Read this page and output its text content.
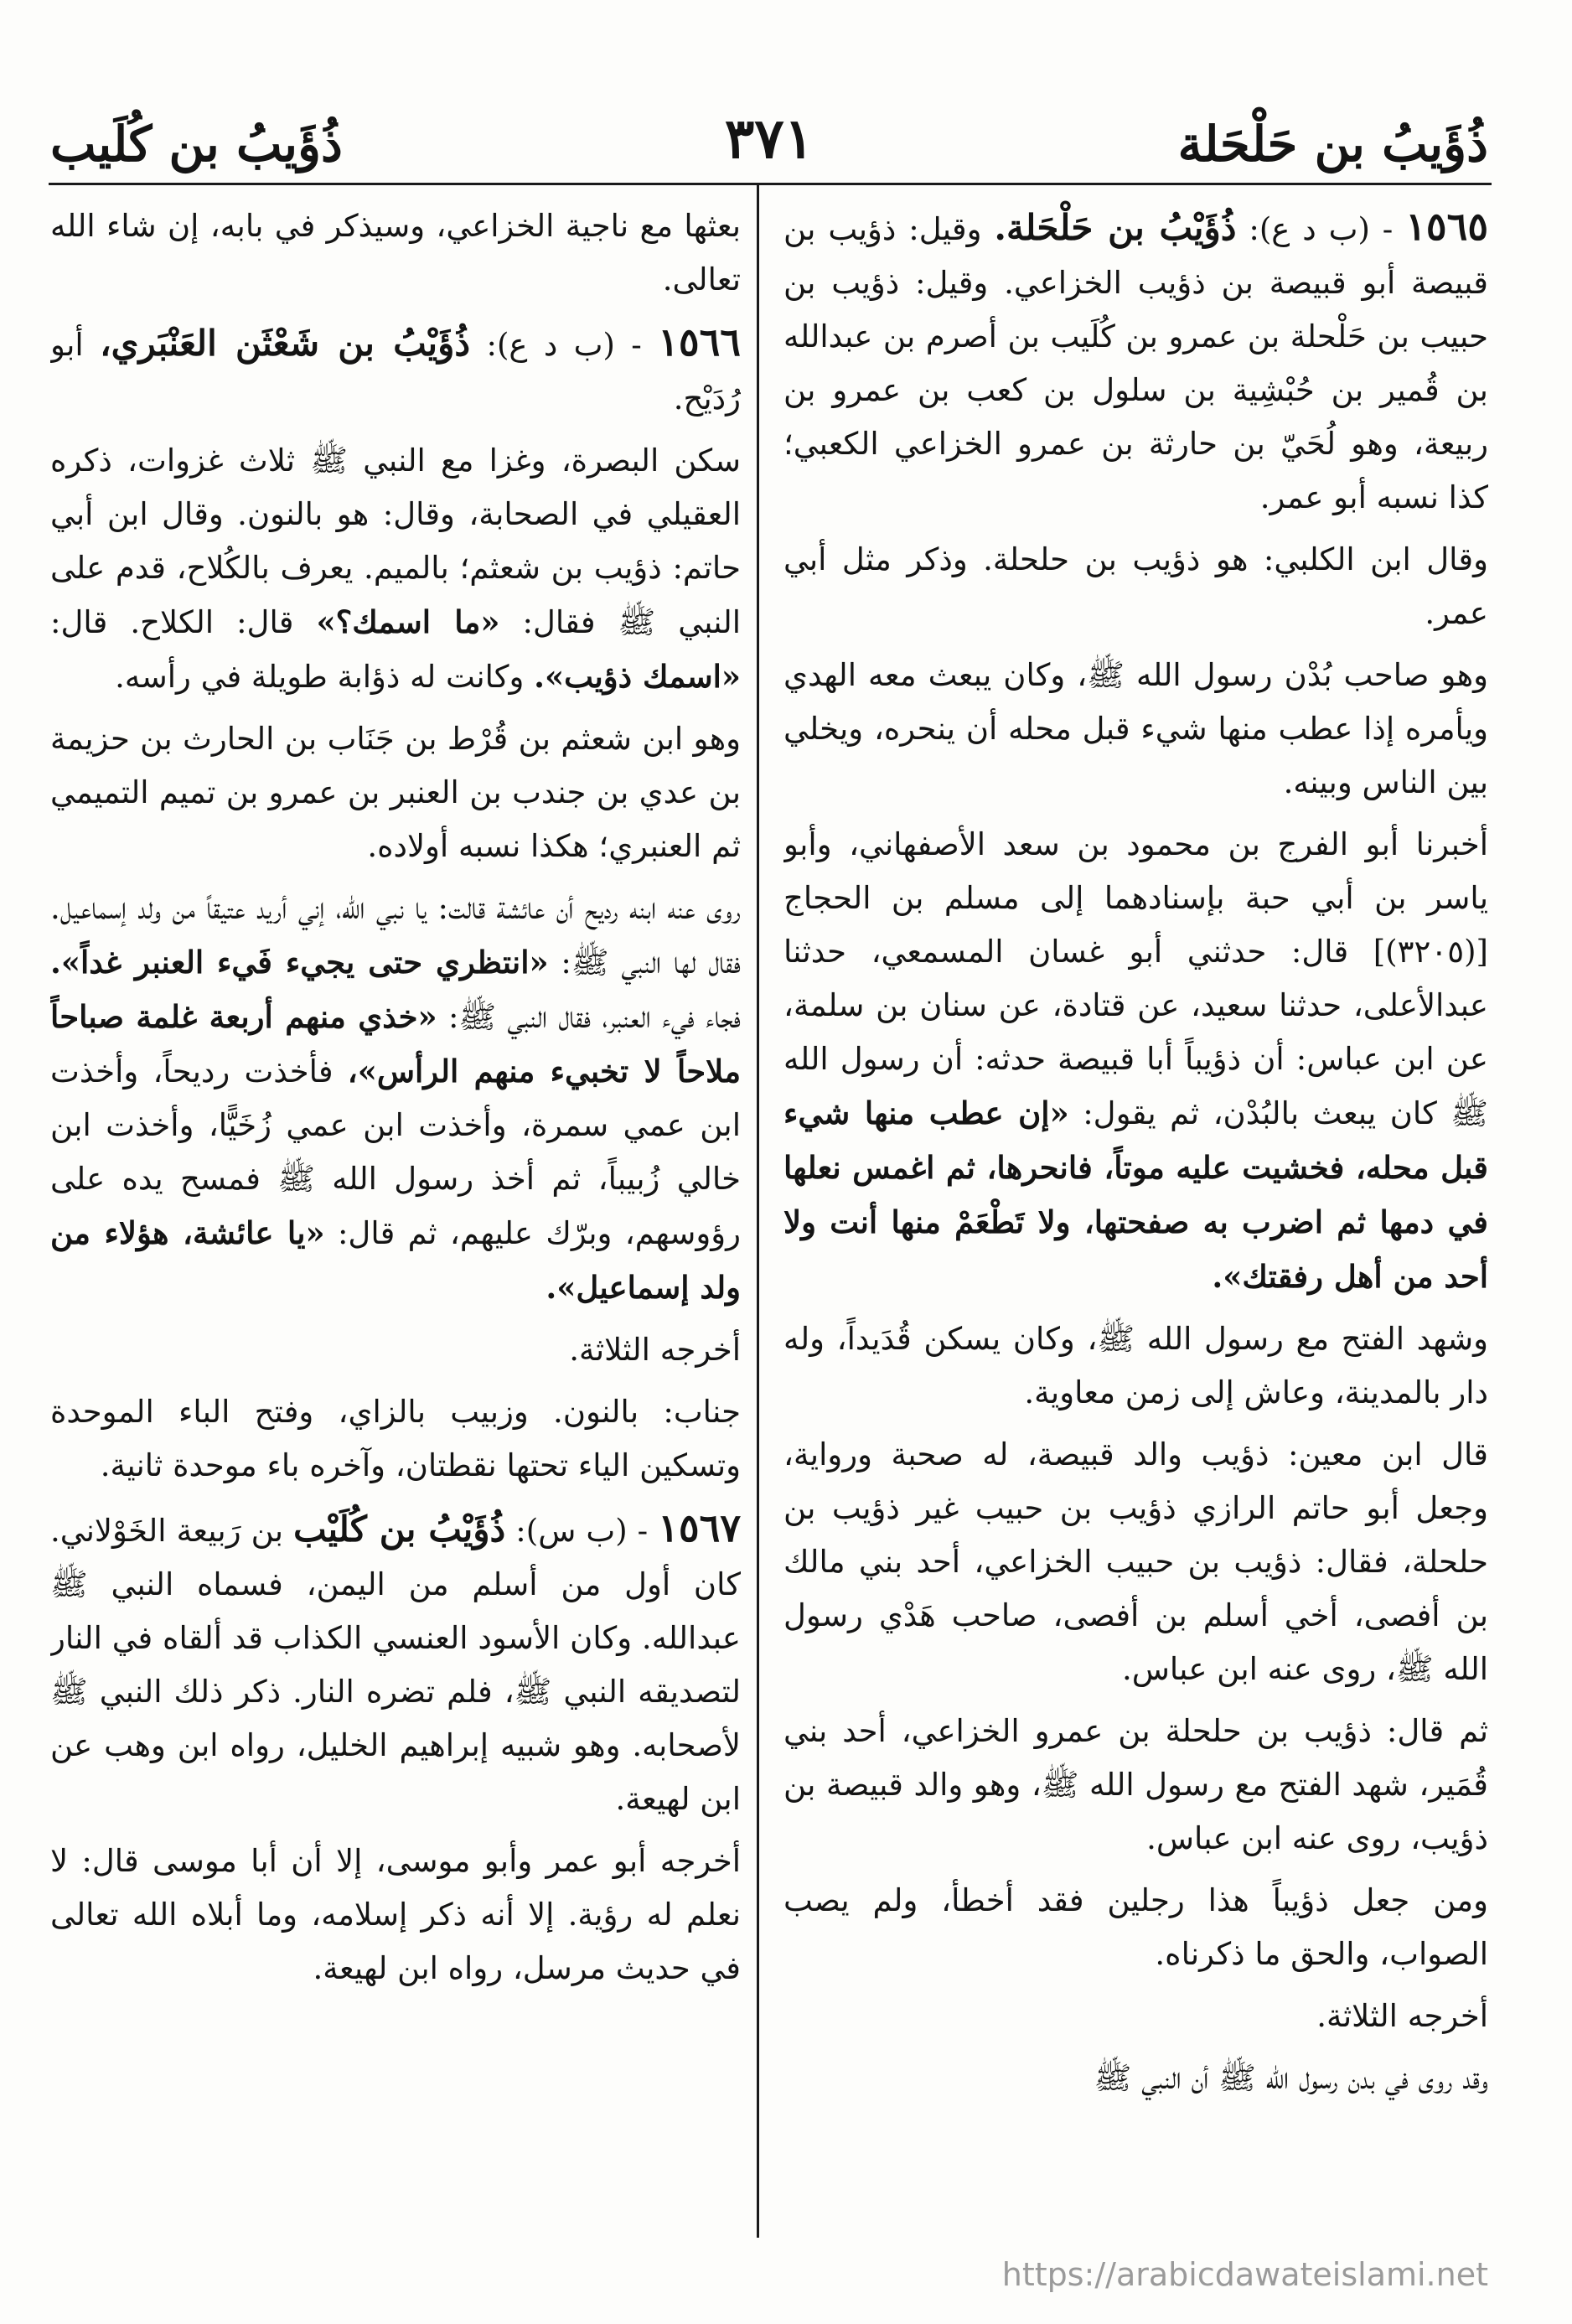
ذُؤَيبُ بن حَلْحَلة
٣٧١
ذُؤَيبُ بن كُلَيب

١٥٦٥ - (ب د ع): ذُؤَيْبُ بن حَلْحَلة. وقيل: ذؤيب بن قبيصة أبو قبيصة بن ذؤيب الخزاعي. وقيل: ذؤيب بن حبيب بن حَلْحلة بن عمرو بن كُلَيب بن أصرم بن عبدالله بن قُمير بن حُبْشِية بن سلول بن كعب بن عمرو بن ربيعة، وهو لُحَيّ بن حارثة بن عمرو الخزاعي الكعبي؛ كذا نسبه أبو عمر.

وقال ابن الكلبي: هو ذؤيب بن حلحلة. وذكر مثل أبي عمر.

وهو صاحب بُدْن رسول الله ﷺ، وكان يبعث معه الهدي ويأمره إذا عطب منها شيء قبل محله أن ينحره، ويخلي بين الناس وبينه.

أخبرنا أبو الفرج بن محمود بن سعد الأصفهاني، وأبو ياسر بن أبي حبة بإسنادهما إلى مسلم بن الحجاج [(٣٢٠٥)] قال: حدثني أبو غسان المسمعي، حدثنا عبدالأعلى، حدثنا سعيد، عن قتادة، عن سنان بن سلمة، عن ابن عباس: أن ذؤيباً أبا قبيصة حدثه: أن رسول الله ﷺ كان يبعث بالبُدْن، ثم يقول: «إن عطب منها شيء قبل محله، فخشيت عليه موتاً، فانحرها، ثم اغمس نعلها في دمها ثم اضرب به صفحتها، ولا تَطْعَمْ منها أنت ولا أحد من أهل رفقتك».

وشهد الفتح مع رسول الله ﷺ، وكان يسكن قُدَيداً، وله دار بالمدينة، وعاش إلى زمن معاوية.

قال ابن معين: ذؤيب والد قبيصة، له صحبة ورواية، وجعل أبو حاتم الرازي ذؤيب بن حبيب غير ذؤيب بن حلحلة، فقال: ذؤيب بن حبيب الخزاعي، أحد بني مالك بن أفصى، أخي أسلم بن أفصى، صاحب هَدْي رسول الله ﷺ، روى عنه ابن عباس.

ثم قال: ذؤيب بن حلحلة بن عمرو الخزاعي، أحد بني قُمَير، شهد الفتح مع رسول الله ﷺ، وهو والد قبيصة بن ذؤيب، روى عنه ابن عباس.

ومن جعل ذؤيباً هذا رجلين فقد أخطأ، ولم يصب الصواب، والحق ما ذكرناه.

أخرجه الثلاثة.

وقد روى في بدن رسول الله ﷺ أن النبي ﷺ

بعثها مع ناجية الخزاعي، وسيذكر في بابه، إن شاء الله تعالى.

١٥٦٦ - (ب د ع): ذُؤَيْبُ بن شَعْثَن العَنْبَري، أبو رُدَيْح.

سكن البصرة، وغزا مع النبي ﷺ ثلاث غزوات، ذكره العقيلي في الصحابة، وقال: هو بالنون. وقال ابن أبي حاتم: ذؤيب بن شعثم؛ بالميم. يعرف بالكُلاح، قدم على النبي ﷺ فقال: «ما اسمك؟» قال: الكلاح. قال: «اسمك ذؤيب». وكانت له ذؤابة طويلة في رأسه.

وهو ابن شعثم بن قُرْط بن جَنَاب بن الحارث بن حزيمة بن عدي بن جندب بن العنبر بن عمرو بن تميم التميمي ثم العنبري؛ هكذا نسبه أولاده.

روى عنه ابنه رديح أن عائشة قالت: يا نبي الله، إني أريد عتيقاً من ولد إسماعيل. فقال لها النبي ﷺ: «انتظري حتى يجيء فَيء العنبر غداً». فجاء فيء العنبر، فقال النبي ﷺ: «خذي منهم أربعة غلمة صباحاً ملاحاً لا تخبيء منهم الرأس»، فأخذت رديحاً، وأخذت ابن عمي سمرة، وأخذت ابن عمي زُخَيًّا، وأخذت ابن خالي زُبيباً، ثم أخذ رسول الله ﷺ فمسح يده على رؤوسهم، وبرّك عليهم، ثم قال: «يا عائشة، هؤلاء من ولد إسماعيل».

أخرجه الثلاثة.

جناب: بالنون. وزبيب بالزاي، وفتح الباء الموحدة وتسكين الياء تحتها نقطتان، وآخره باء موحدة ثانية.

١٥٦٧ - (ب س): ذُؤَيْبُ بن كُلَيْب بن رَبيعة الخَوْلاني. كان أول من أسلم من اليمن، فسماه النبي ﷺ عبدالله. وكان الأسود العنسي الكذاب قد ألقاه في النار لتصديقه النبي ﷺ، فلم تضره النار. ذكر ذلك النبي ﷺ لأصحابه. وهو شبيه إبراهيم الخليل، رواه ابن وهب عن ابن لهيعة.

أخرجه أبو عمر وأبو موسى، إلا أن أبا موسى قال: لا نعلم له رؤية. إلا أنه ذكر إسلامه، وما أبلاه الله تعالى في حديث مرسل، رواه ابن لهيعة.

https://arabicdawateislami.net
